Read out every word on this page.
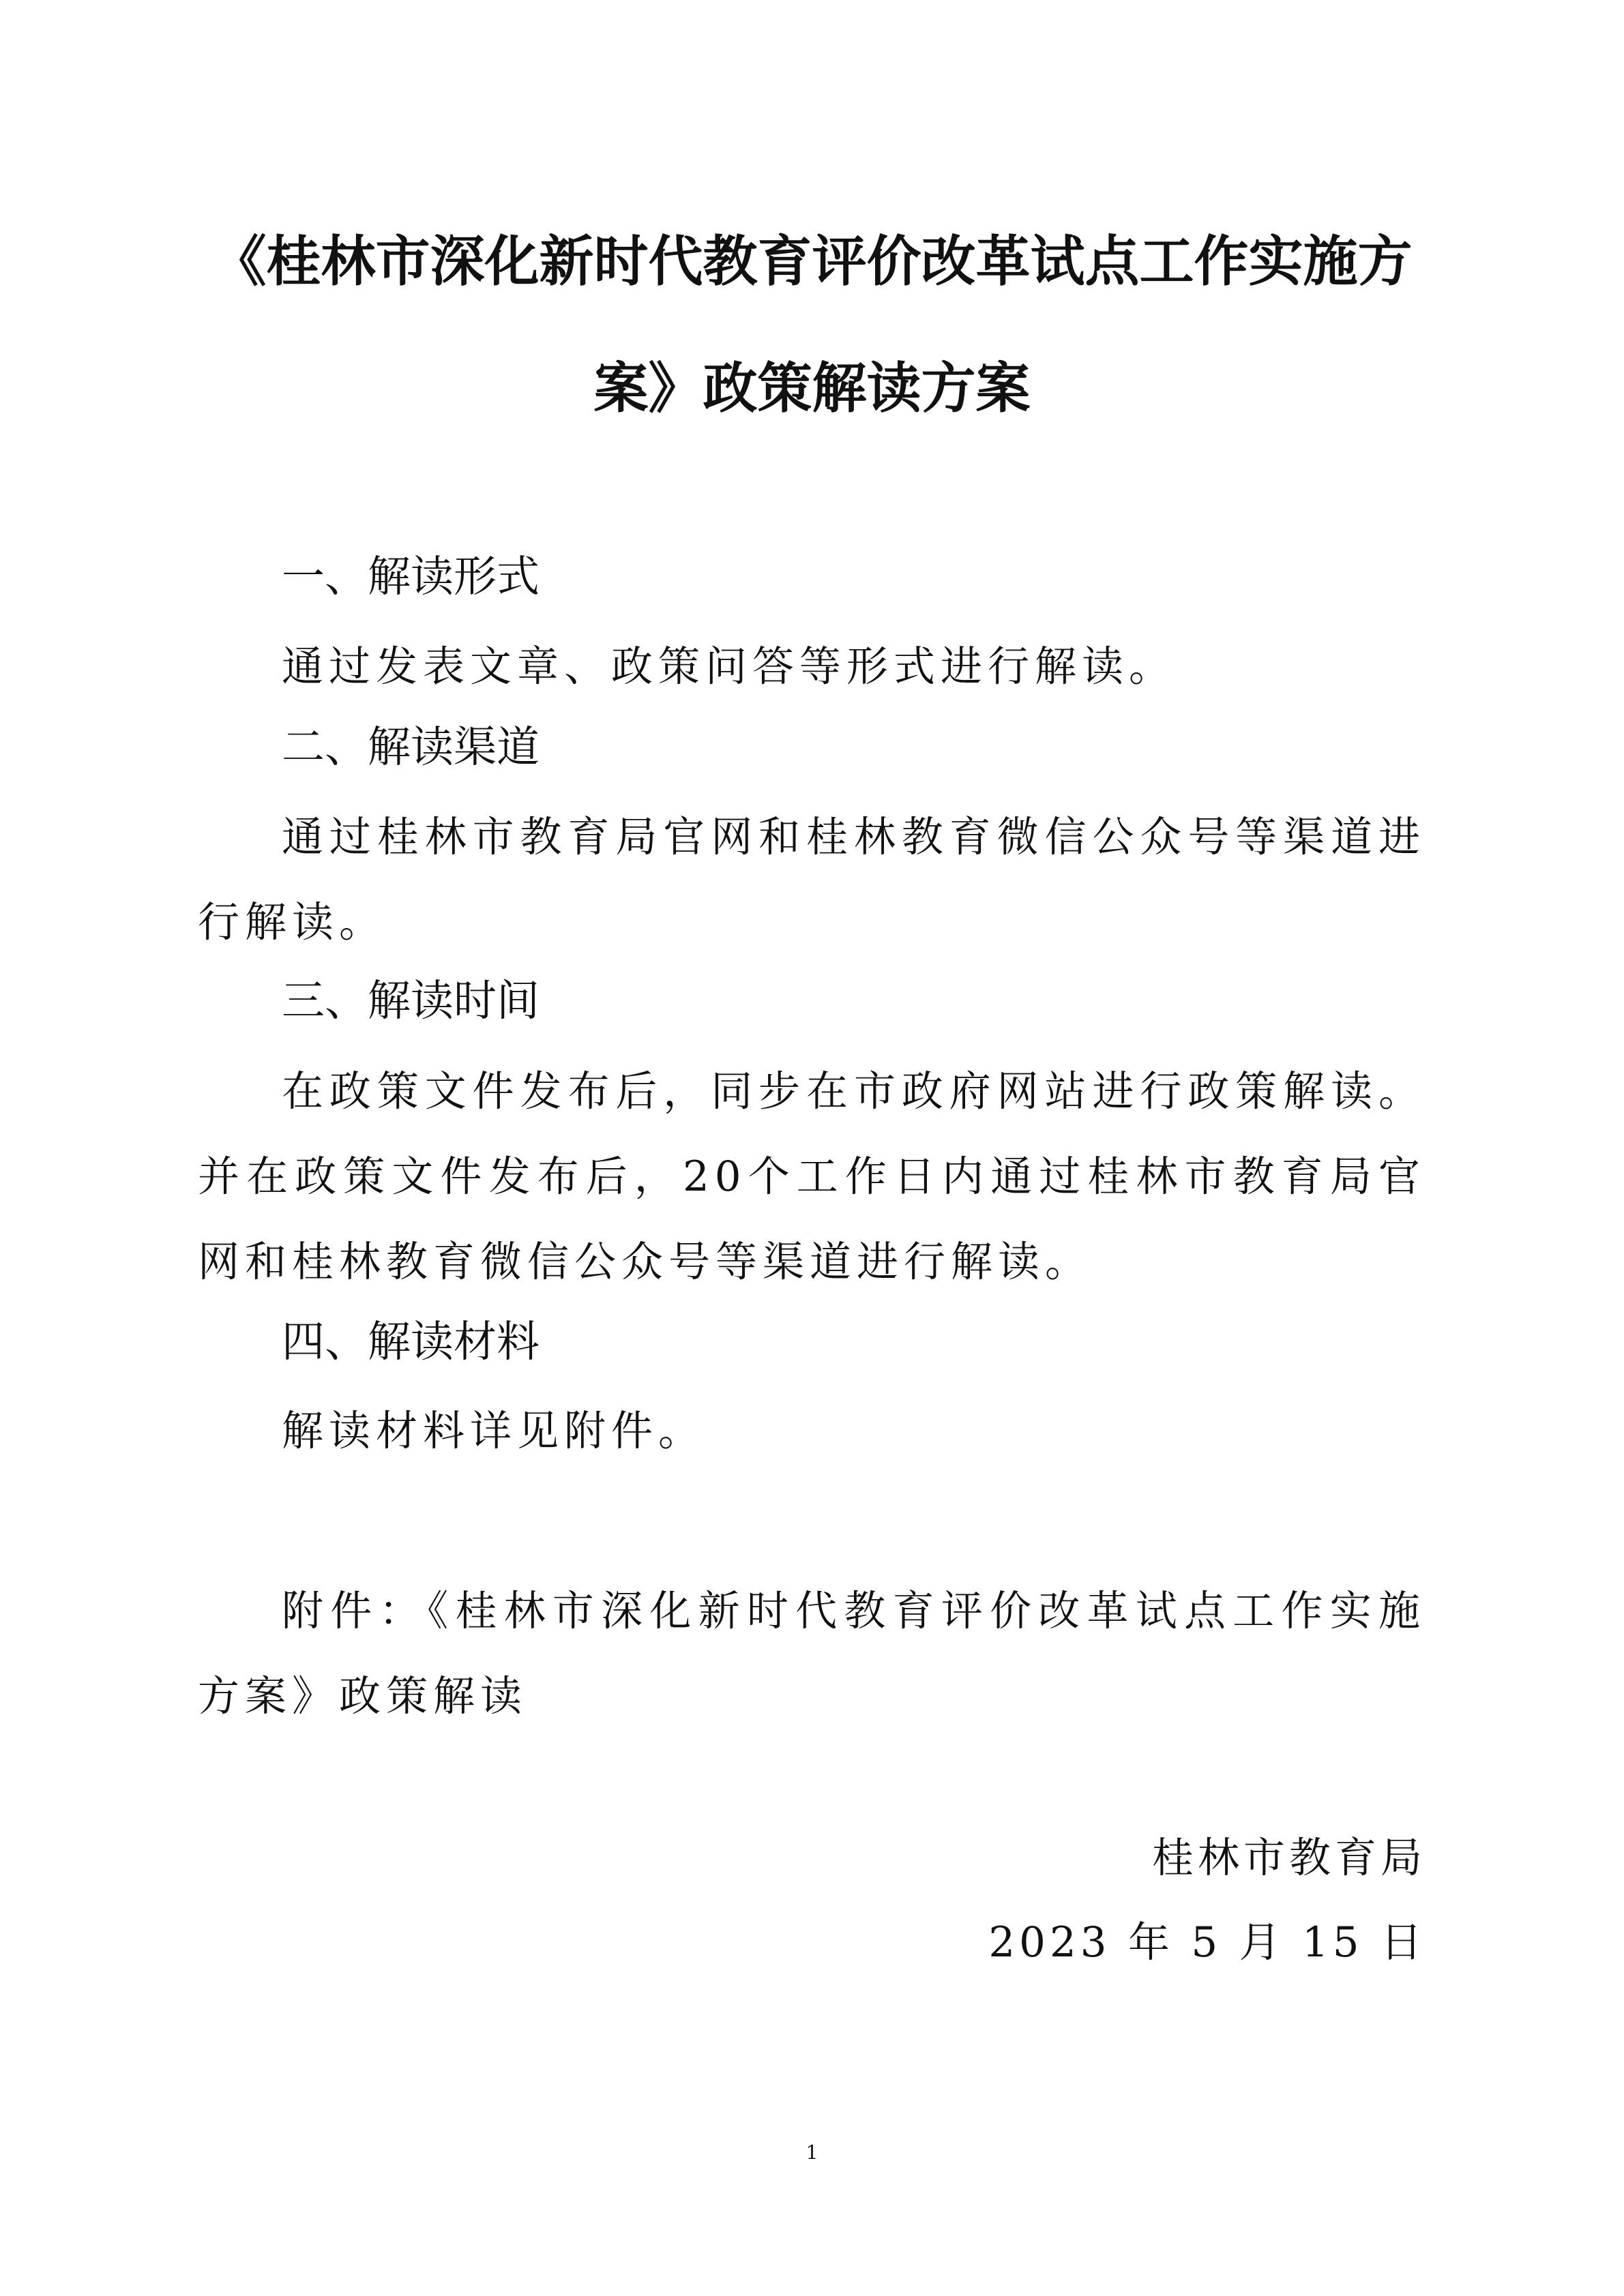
《桂林市深化新时代教育评价改革试点工作实施方
案》政策解读方案
一、解读形式

通过发表文章、政策问答等形式进行解读。

二、解读渠道

通过桂林市教育局官网和桂林教育微信公众号等渠道进行解读。

三、解读时间

在政策文件发布后，同步在市政府网站进行政策解读。并在政策文件发布后，20个工作日内通过桂林市教育局官网和桂林教育微信公众号等渠道进行解读。

四、解读材料

解读材料详见附件。

附件：《桂林市深化新时代教育评价改革试点工作实施方案》政策解读

桂林市教育局

2023 年 5 月 15 日

1
